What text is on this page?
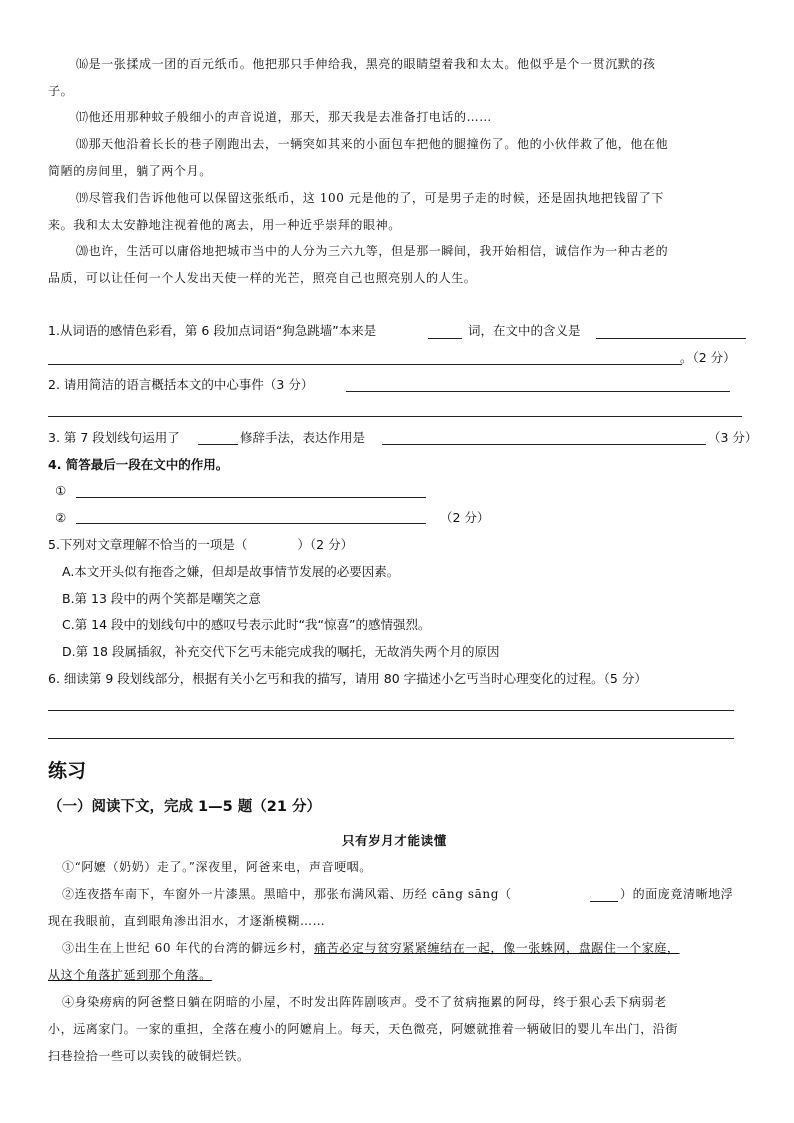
⒃是一张揉成一团的百元纸币。他把那只手伸给我，黑亮的眼睛望着我和太太。他似乎是个一贯沉默的孩
子。
⒄他还用那种蚊子般细小的声音说道，那天，那天我是去准备打电话的……
⒅那天他沿着长长的巷子刚跑出去，一辆突如其来的小面包车把他的腿撞伤了。他的小伙伴救了他，他在他
简陋的房间里，躺了两个月。
⒆尽管我们告诉他他可以保留这张纸币，这 100 元是他的了，可是男子走的时候，还是固执地把钱留了下
来。我和太太安静地注视着他的离去，用一种近乎崇拜的眼神。
⒇也许，生活可以庸俗地把城市当中的人分为三六九等，但是那一瞬间，我开始相信，诚信作为一种古老的
品质，可以让任何一个人发出天使一样的光芒，照亮自己也照亮别人的人生。
1.从词语的感情色彩看，第 6 段加点词语“狗急跳墙”本来是	词，在文中的含义是
。（2 分）
2. 请用简洁的语言概括本文的中心事件（3 分）
3. 第 7 段划线句运用了	修辞手法，表达作用是	（3 分）
4. 简答最后一段在文中的作用。
①
②	（2 分）
5.下列对文章理解不恰当的一项是（　　　　）（2 分）
A.本文开头似有拖沓之嫌，但却是故事情节发展的必要因素。
B.第 13 段中的两个笑都是嘲笑之意
C.第 14 段中的划线句中的感叹号表示此时“我“惊喜”的感情强烈。
D.第 18 段属插叙，补充交代下乞丐未能完成我的嘱托，无故消失两个月的原因
6. 细读第 9 段划线部分，根据有关小乞丐和我的描写，请用 80 字描述小乞丐当时心理变化的过程。（5 分）
练习
（一）阅读下文，完成 1—5 题（21 分）
只有岁月才能读懂
①“阿嬷（奶奶）走了。”深夜里，阿爸来电，声音哽咽。
②连夜搭车南下，车窗外一片漆黑。黑暗中，那张布满风霜、历经 cāng sāng（	）的面庞竟清晰地浮
现在我眼前，直到眼角渗出泪水，才逐渐模糊……
③出生在上世纪 60 年代的台湾的僻远乡村，痛苦必定与贫穷紧紧缠结在一起，像一张蛛网，盘踞住一个家庭，
从这个角落扩延到那个角落。
④身染痨病的阿爸整日躺在阴暗的小屋，不时发出阵阵剧咳声。受不了贫病拖累的阿母，终于狠心丢下病弱老
小，远离家门。一家的重担，全落在瘦小的阿嬷肩上。每天，天色微亮，阿嬷就推着一辆破旧的婴儿车出门，沿街
扫巷捡拾一些可以卖钱的破铜烂铁。
